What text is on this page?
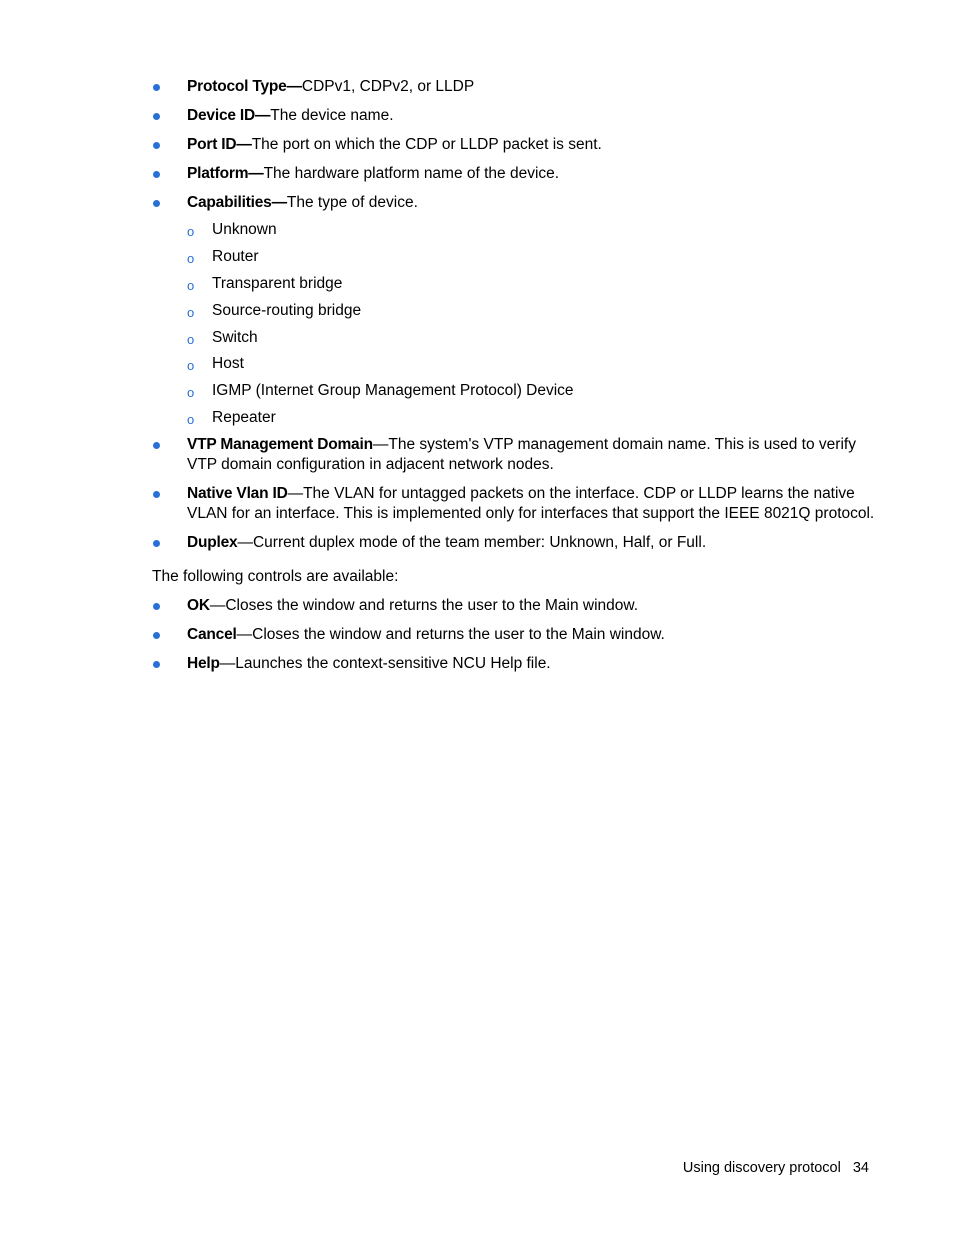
Protocol Type—CDPv1, CDPv2, or LLDP
Device ID—The device name.
Port ID—The port on which the CDP or LLDP packet is sent.
Platform—The hardware platform name of the device.
Capabilities—The type of device.
o Unknown
o Router
o Transparent bridge
o Source-routing bridge
o Switch
o Host
o IGMP (Internet Group Management Protocol) Device
o Repeater
VTP Management Domain—The system's VTP management domain name. This is used to verify VTP domain configuration in adjacent network nodes.
Native Vlan ID—The VLAN for untagged packets on the interface. CDP or LLDP learns the native VLAN for an interface. This is implemented only for interfaces that support the IEEE 8021Q protocol.
Duplex—Current duplex mode of the team member: Unknown, Half, or Full.
The following controls are available:
OK—Closes the window and returns the user to the Main window.
Cancel—Closes the window and returns the user to the Main window.
Help—Launches the context-sensitive NCU Help file.
Using discovery protocol 34
